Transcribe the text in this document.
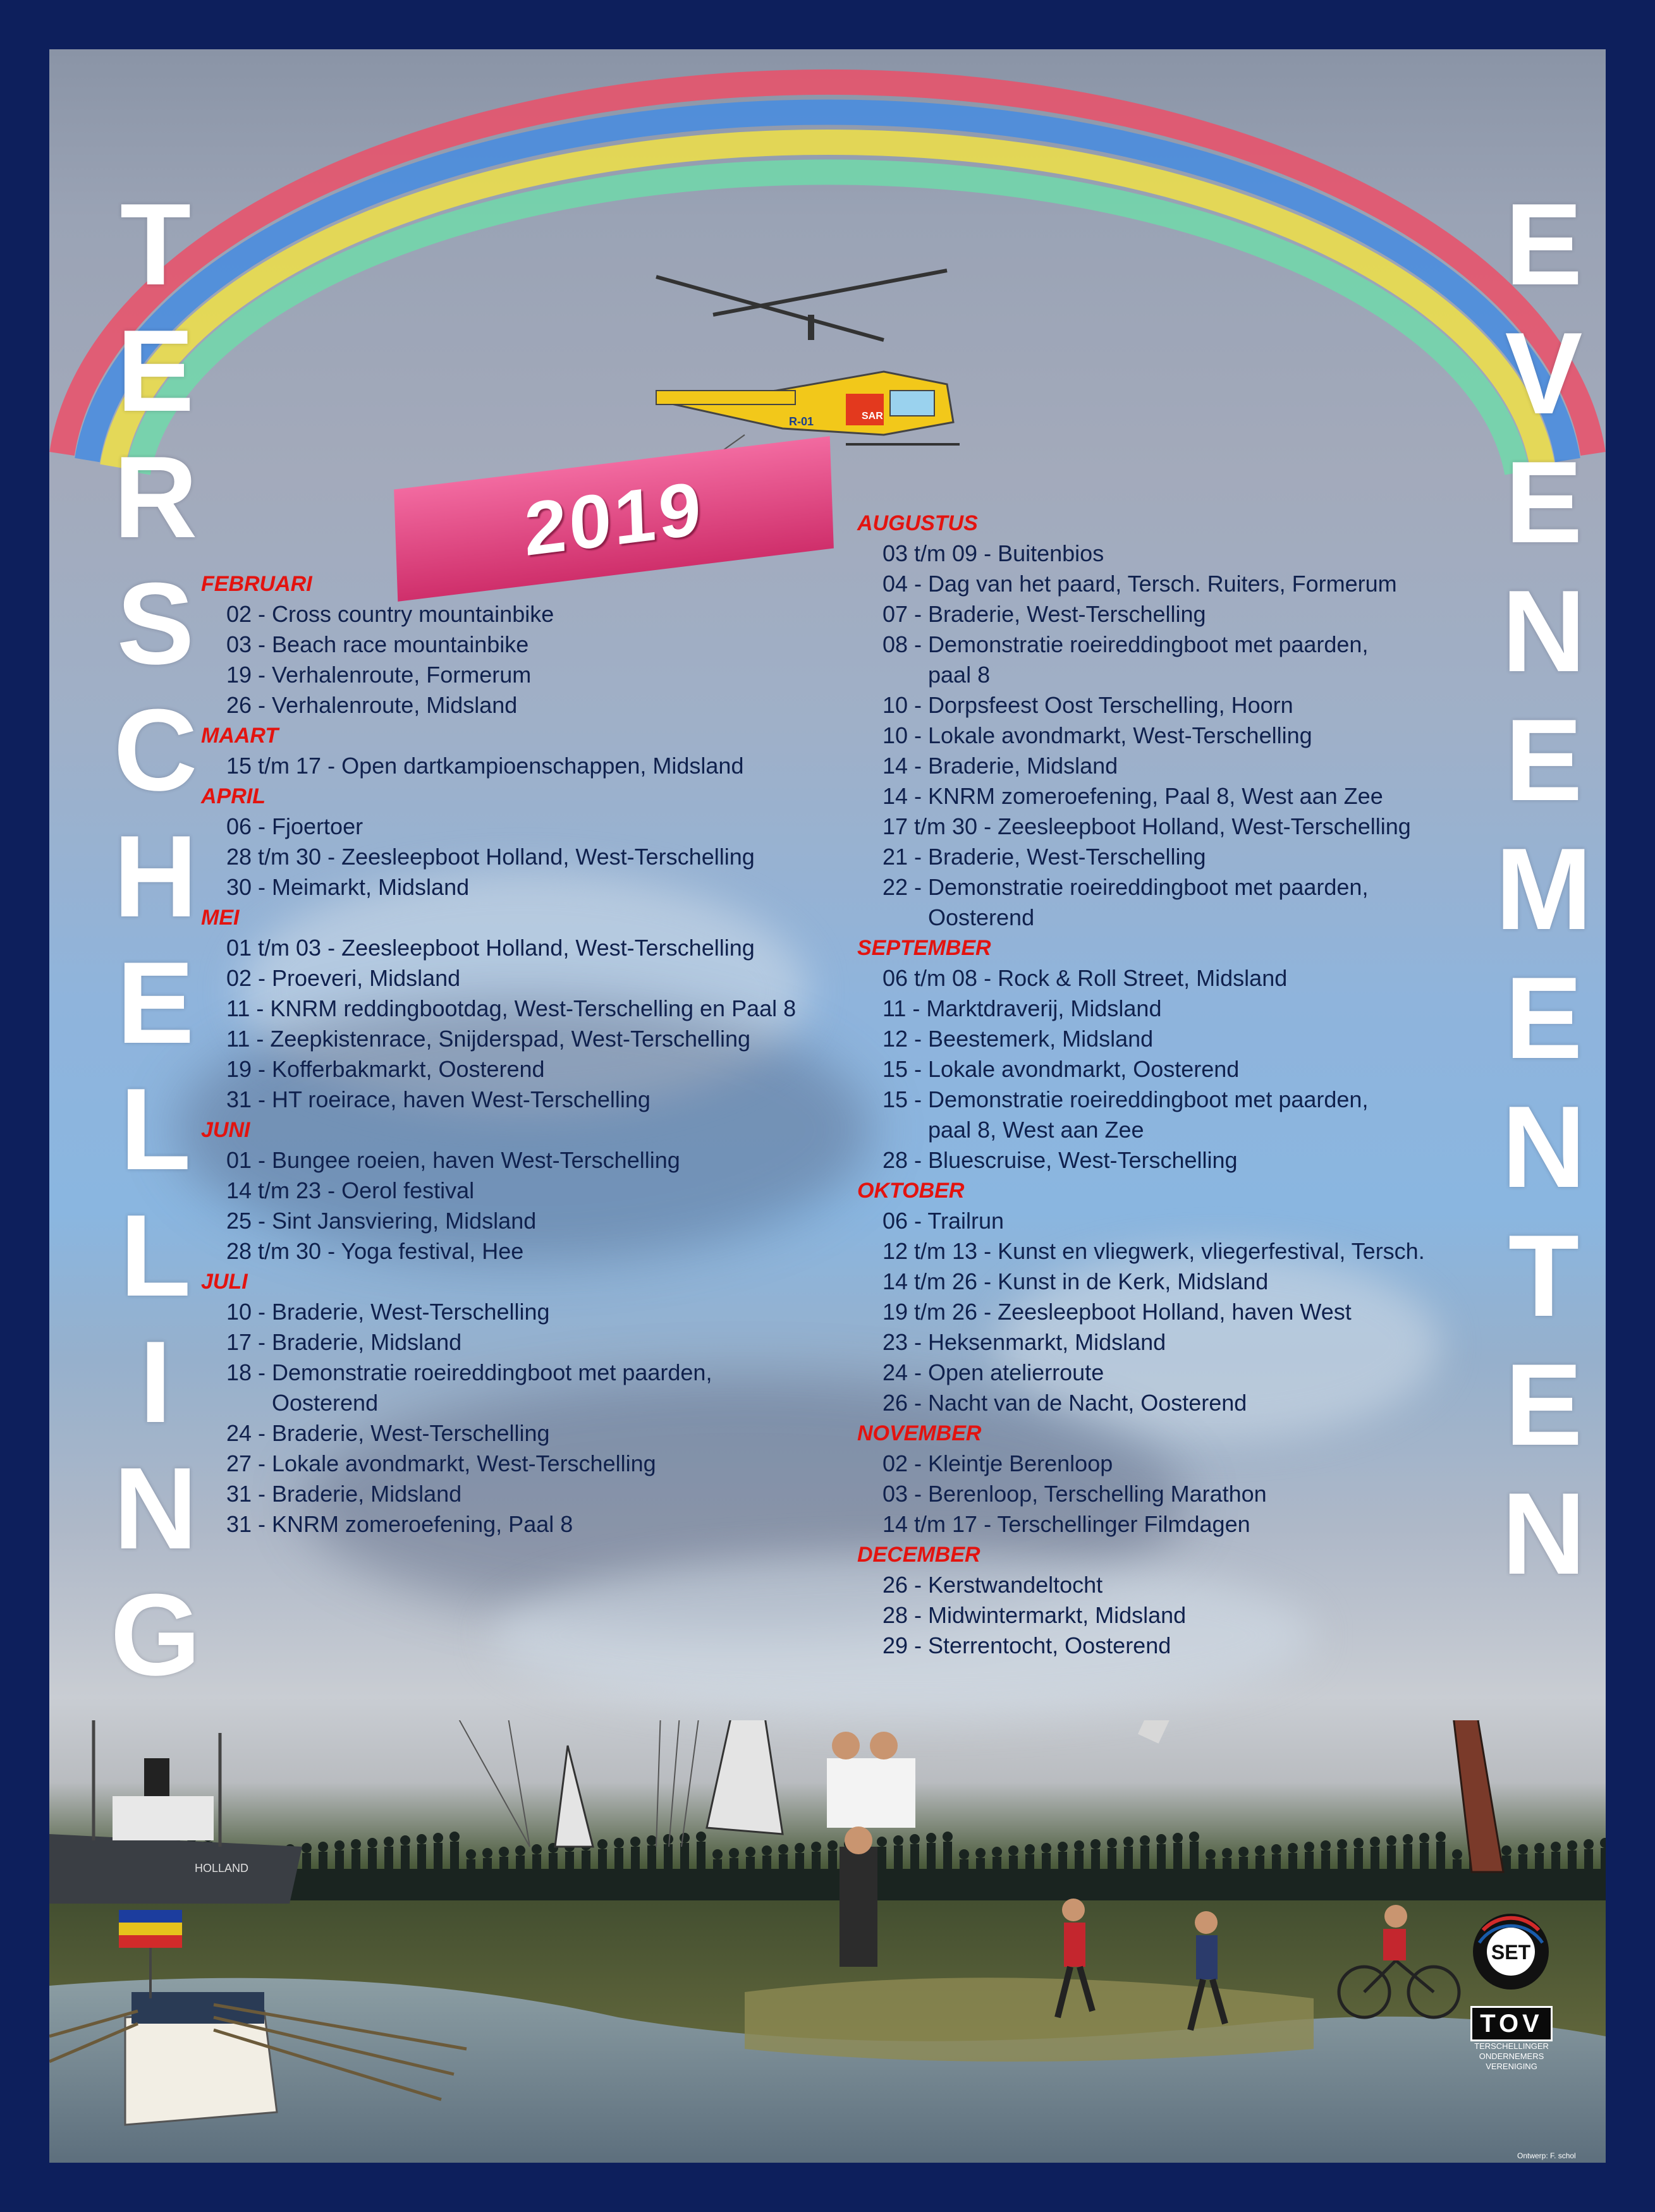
R-01	SAR
2019
T
E
R
S
C
H
E
L
L
I
N
G
E
V
E
N
E
M
E
N
T
E
N
FEBRUARI
02 - Cross country mountainbike
03 - Beach race mountainbike
19 - Verhalenroute, Formerum
26 - Verhalenroute, Midsland
MAART
15 t/m 17 - Open dartkampioenschappen, Midsland
APRIL
06 - Fjoertoer
28 t/m 30 - Zeesleepboot Holland, West-Terschelling
30 - Meimarkt, Midsland
MEI
01 t/m 03 - Zeesleepboot Holland, West-Terschelling
02 - Proeveri, Midsland
11 - KNRM reddingbootdag, West-Terschelling en Paal 8
11 - Zeepkistenrace, Snijderspad, West-Terschelling
19 - Kofferbakmarkt, Oosterend
31 - HT roeirace, haven West-Terschelling
JUNI
01 - Bungee roeien, haven West-Terschelling
14 t/m 23 - Oerol festival
25 - Sint Jansviering, Midsland
28 t/m 30 - Yoga festival, Hee
JULI
10 - Braderie, West-Terschelling
17 - Braderie, Midsland
18 - Demonstratie roeireddingboot met paarden,
Oosterend
24 - Braderie, West-Terschelling
27 - Lokale avondmarkt, West-Terschelling
31 - Braderie, Midsland
31 - KNRM zomeroefening, Paal 8
AUGUSTUS
03 t/m 09 - Buitenbios
04 - Dag van het paard, Tersch. Ruiters, Formerum
07 - Braderie, West-Terschelling
08 - Demonstratie roeireddingboot met paarden,
paal 8
10 - Dorpsfeest Oost Terschelling, Hoorn
10 - Lokale avondmarkt, West-Terschelling
14 - Braderie, Midsland
14 - KNRM zomeroefening, Paal 8, West aan Zee
17 t/m 30 - Zeesleepboot Holland, West-Terschelling
21 - Braderie, West-Terschelling
22 - Demonstratie roeireddingboot met paarden,
Oosterend
SEPTEMBER
06 t/m 08 - Rock & Roll Street, Midsland
11 - Marktdraverij, Midsland
12 - Beestemerk, Midsland
15 - Lokale avondmarkt, Oosterend
15 - Demonstratie roeireddingboot met paarden,
paal 8, West aan Zee
28 - Bluescruise, West-Terschelling
OKTOBER
06 - Trailrun
12 t/m 13 - Kunst en vliegwerk, vliegerfestival, Tersch.
14 t/m 26 - Kunst in de Kerk, Midsland
19 t/m 26 - Zeesleepboot Holland, haven West
23 - Heksenmarkt, Midsland
24 - Open atelierroute
26 - Nacht van de Nacht, Oosterend
NOVEMBER
02 - Kleintje Berenloop
03 - Berenloop, Terschelling Marathon
14 t/m 17 - Terschellinger Filmdagen
DECEMBER
26 - Kerstwandeltocht
28 - Midwintermarkt, Midsland
29 - Sterrentocht, Oosterend
HOLLAND
SET
TOV
TERSCHELLINGER
ONDERNEMERS
VERENIGING
Ontwerp: F. schol
